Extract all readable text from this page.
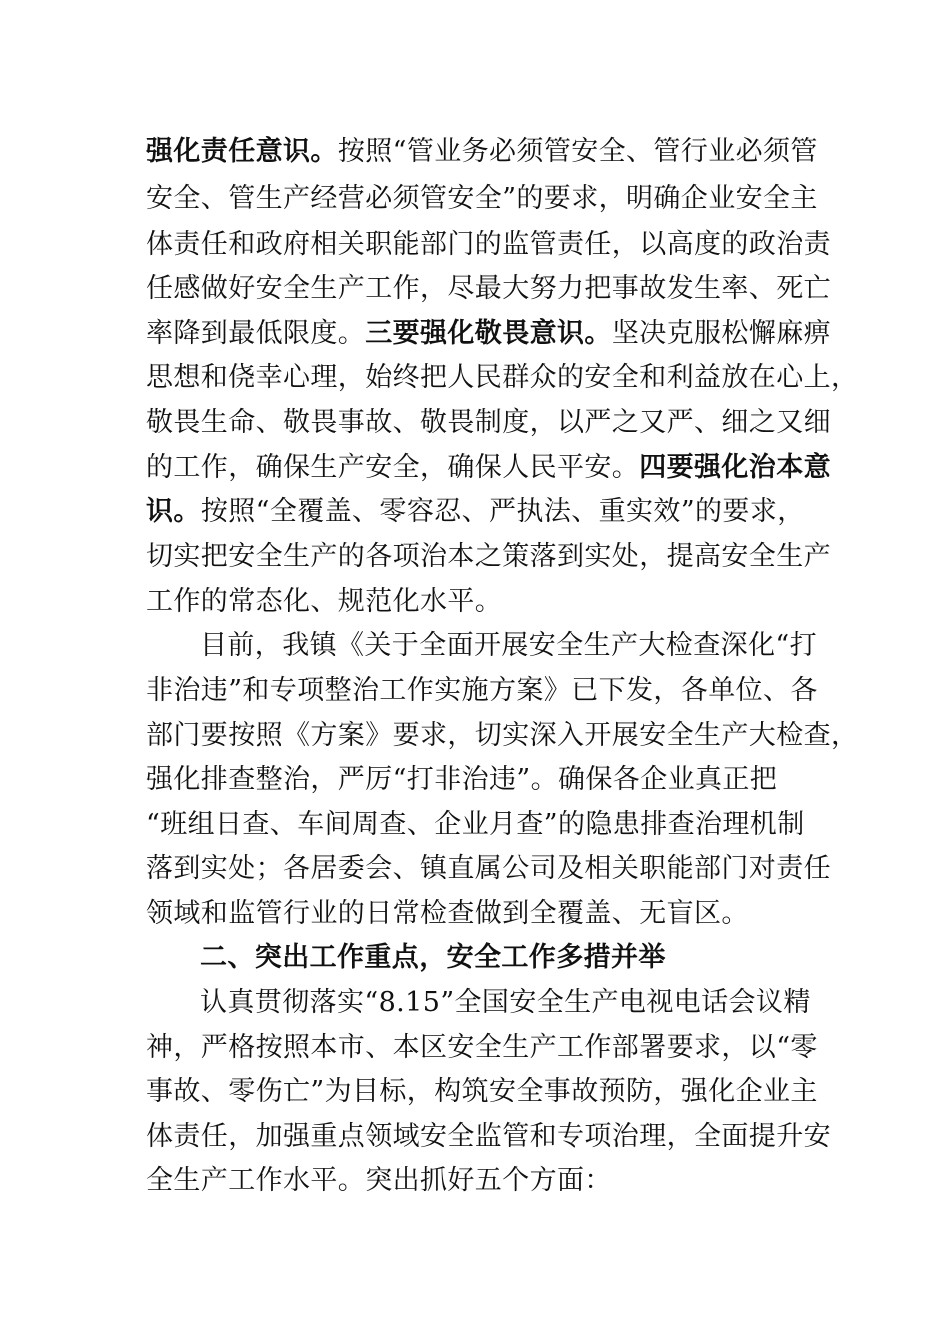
强化责任意识。按照“管业务必须管安全、管行业必须管
安全、管生产经营必须管安全”的要求，明确企业安全主
体责任和政府相关职能部门的监管责任，以高度的政治责
任感做好安全生产工作，尽最大努力把事故发生率、死亡
率降到最低限度。三要强化敬畏意识。坚决克服松懈麻痹
思想和侥幸心理，始终把人民群众的安全和利益放在心上，
敬畏生命、敬畏事故、敬畏制度，以严之又严、细之又细
的工作，确保生产安全，确保人民平安。四要强化治本意
识。按照“全覆盖、零容忍、严执法、重实效”的要求，
切实把安全生产的各项治本之策落到实处，提高安全生产
工作的常态化、规范化水平。
目前，我镇《关于全面开展安全生产大检查深化“打
非治违”和专项整治工作实施方案》已下发，各单位、各
部门要按照《方案》要求，切实深入开展安全生产大检查，
强化排查整治，严厉“打非治违”。确保各企业真正把
“班组日查、车间周查、企业月查”的隐患排查治理机制
落到实处；各居委会、镇直属公司及相关职能部门对责任
领域和监管行业的日常检查做到全覆盖、无盲区。
二、突出工作重点，安全工作多措并举
认真贯彻落实“8.15”全国安全生产电视电话会议精
神，严格按照本市、本区安全生产工作部署要求，以“零
事故、零伤亡”为目标，构筑安全事故预防，强化企业主
体责任，加强重点领域安全监管和专项治理，全面提升安
全生产工作水平。突出抓好五个方面：
